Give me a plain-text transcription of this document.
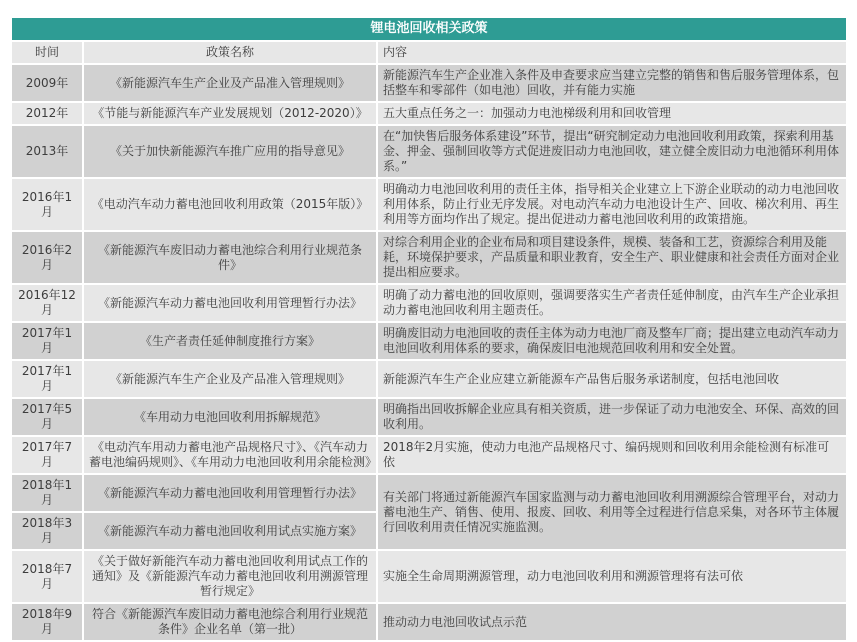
锂电池回收相关政策		
时间	政策名称	内容
2009年	《新能源汽车生产企业及产品准入管理规则》	新能源汽车生产企业准入条件及申查要求应当建立完整的销售和售后服务管理体系，包括整车和零部件（如电池）回收，并有能力实施
2012年	《节能与新能源汽车产业发展规划（2012-2020）》	五大重点任务之一：加强动力电池梯级利用和回收管理
2013年	《关于加快新能源汽车推广应用的指导意见》	在“加快售后服务体系建设”环节，提出“研究制定动力电池回收利用政策，探索利用基金、押金、强制回收等方式促进废旧动力电池回收，建立健全废旧动力电池循环利用体系。”
2016年1月	《电动汽车动力蓄电池回收利用政策（2015年版）》	明确动力电池回收利用的责任主体，指导相关企业建立上下游企业联动的动力电池回收利用体系，防止行业无序发展。对电动汽车动力电池设计生产、回收、梯次利用、再生利用等方面均作出了规定。提出促进动力蓄电池回收利用的政策措施。
2016年2月	《新能源汽车废旧动力蓄电池综合利用行业规范条件》	对综合利用企业的企业布局和项目建设条件，规模、装备和工艺，资源综合利用及能耗，环境保护要求，产品质量和职业教育，安全生产、职业健康和社会责任方面对企业提出相应要求。
2016年12月	《新能源汽车动力蓄电池回收利用管理暂行办法》	明确了动力蓄电池的回收原则，强调要落实生产者责任延伸制度，由汽车生产企业承担动力蓄电池回收利用主题责任。
2017年1月	《生产者责任延伸制度推行方案》	明确废旧动力电池回收的责任主体为动力电池厂商及整车厂商；提出建立电动汽车动力电池回收利用体系的要求，确保废旧电池规范回收利用和安全处置。
2017年1月	《新能源汽车生产企业及产品准入管理规则》	新能源汽车生产企业应建立新能源车产品售后服务承诺制度，包括电池回收
2017年5月	《车用动力电池回收利用拆解规范》	明确指出回收拆解企业应具有相关资质，进一步保证了动力电池安全、环保、高效的回收利用。
2017年7月	《电动汽车用动力蓄电池产品规格尺寸》、《汽车动力蓄电池编码规则》、《车用动力电池回收利用余能检测》	2018年2月实施，使动力电池产品规格尺寸、编码规则和回收利用余能检测有标准可依
2018年1月	《新能源汽车动力蓄电池回收利用管理暂行办法》	有关部门将通过新能源汽车国家监测与动力蓄电池回收利用溯源综合管理平台，对动力蓄电池生产、销售、使用、报废、回收、利用等全过程进行信息采集，对各环节主体履行回收利用责任情况实施监测。
2018年3月	《新能源汽车动力蓄电池回收利用试点实施方案》	
2018年7月	《关于做好新能汽车动力蓄电池回收利用试点工作的通知》及《新能源汽车动力蓄电池回收利用溯源管理暂行规定》	实施全生命周期溯源管理，动力电池回收利用和溯源管理将有法可依
2018年9月	符合《新能源汽车废旧动力蓄电池综合利用行业规范条件》企业名单（第一批）	推动动力电池回收试点示范
